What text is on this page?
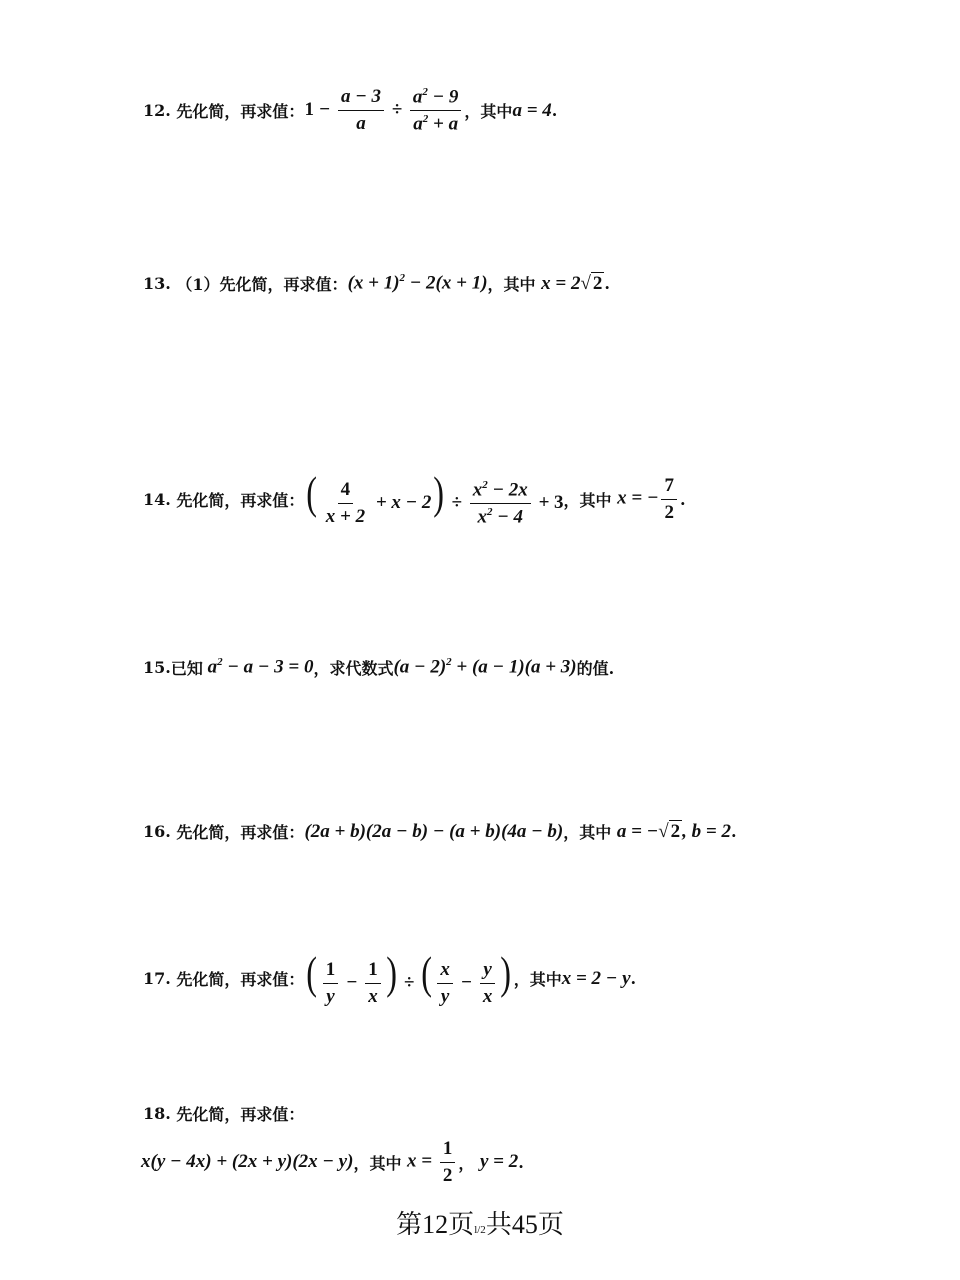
12.
先化简，再求值： $1 - \frac{a - 3}{a} \div \frac{a^2 - 9}{a^2 + a}$ ，其中 a = 4 .
13.
（1）先化简，再求值： $(x + 1)^2 - 2(x + 1)$ ，其中
x = 2 √ 2 .
14.
先化简，再求值： ( $\frac{4}{x + 2} + x - 2) \div \frac{x^2 - 2x}{x^2 - 4} + 3$ ，其中
x = − $\frac{7}{2}$ .
15. 已知 $a^2 - a - 3 = 0$ ，求代数式 $(a - 2)^2 + (a - 1)(a + 3)$ 的值.
16.
先化简，再求值： (2a + b)(2a − b) − (a + b)(4a − b) ，其中
a = − √ 2 , b = 2 .
17.
先化简，再求值： ( $\frac{1}{y} - \frac{1}{x}$ ) ÷ ( $\frac{x}{y} - \frac{y}{x}$ ) ，其中 x = 2 − y .
18.
先化简，再求值：
x(y − 4x) + (2x + y)(2x − y) ，其中
$x = \frac{1}{2}$ ，
y = 2 .
第12页l/2共45页
